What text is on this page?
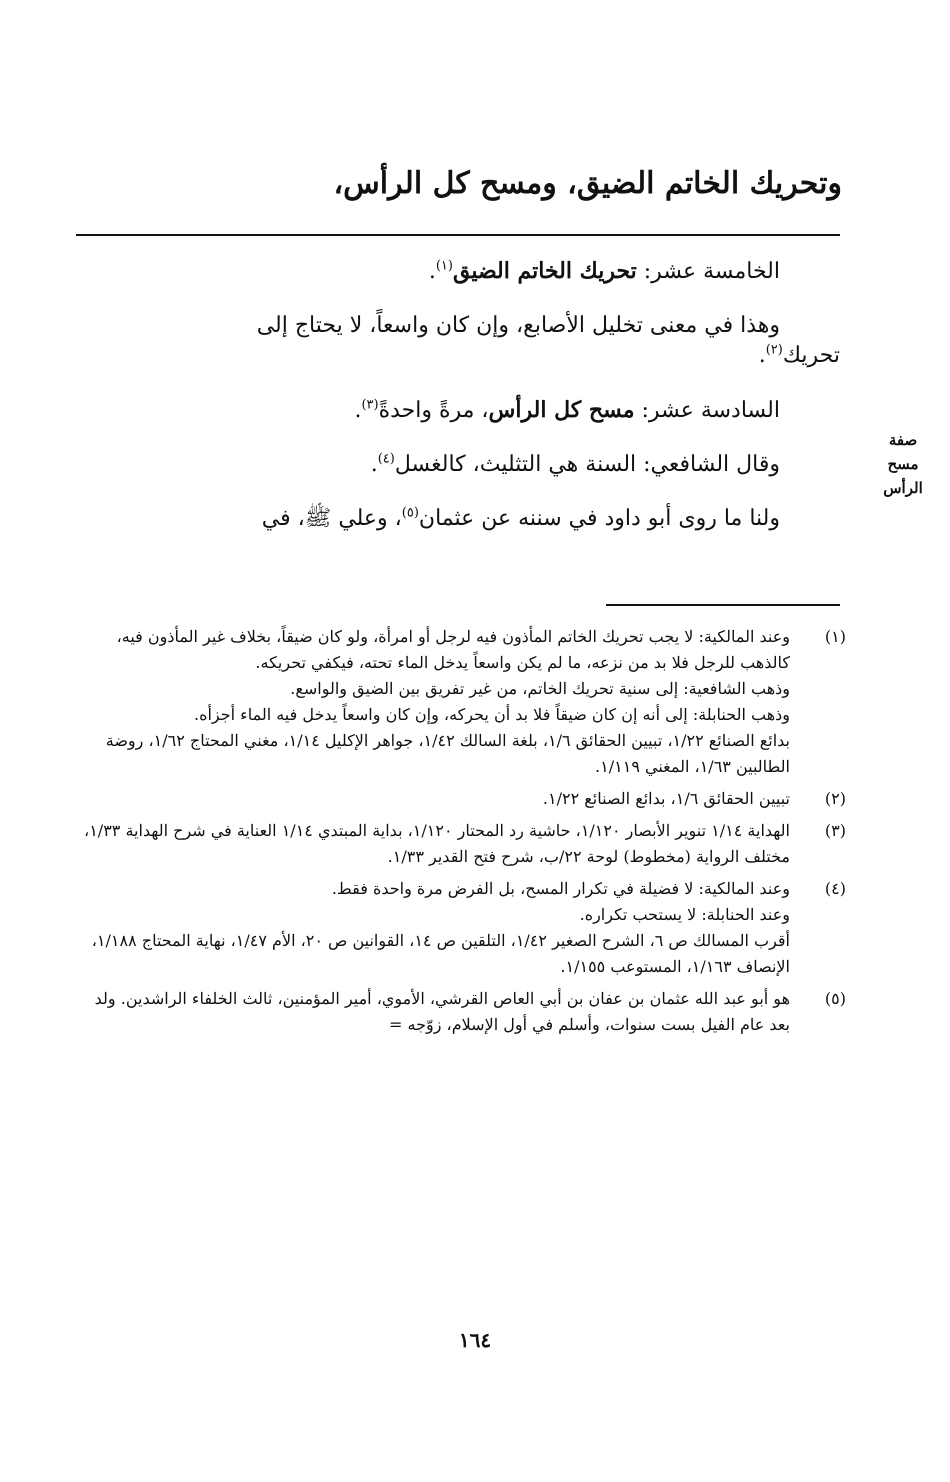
وتحريك الخاتم الضيق، ومسح كل الرأس،
صفة
مسح
الرأس

الخامسة عشر: تحريك الخاتم الضيق$^{(١)}$.

وهذا في معنى تخليل الأصابع، وإن كان واسعاً، لا يحتاج إلى

تحريك$^{(٢)}$.

السادسة عشر: مسح كل الرأس، مرةً واحدةً$^{(٣)}$.

وقال الشافعي: السنة هي التثليث، كالغسل$^{(٤)}$.

ولنا ما روى أبو داود في سننه عن عثمان$^{(٥)}$، وعلي ﷺ، في

(١)

وعند المالكية: لا يجب تحريك الخاتم المأذون فيه لرجل أو امرأة، ولو كان ضيقاً، بخلاف غير المأذون فيه، كالذهب للرجل فلا بد من نزعه، ما لم يكن واسعاً يدخل الماء تحته، فيكفي تحريكه.

وذهب الشافعية: إلى سنية تحريك الخاتم، من غير تفريق بين الضيق والواسع.

وذهب الحنابلة: إلى أنه إن كان ضيقاً فلا بد أن يحركه، وإن كان واسعاً يدخل فيه الماء أجزأه.

بدائع الصنائع ١/٢٢، تبيين الحقائق ١/٦، بلغة السالك ١/٤٢، جواهر الإكليل ١/١٤، مغني المحتاج ١/٦٢، روضة الطالبين ١/٦٣، المغني ١/١١٩.

(٢)

تبيين الحقائق ١/٦، بدائع الصنائع ١/٢٢.

(٣)

الهداية ١/١٤ تنوير الأبصار ١/١٢٠، حاشية رد المحتار ١/١٢٠، بداية المبتدي ١/١٤ العناية في شرح الهداية ١/٣٣، مختلف الرواية (مخطوط) لوحة ٢٢/ب، شرح فتح القدير ١/٣٣.

(٤)

وعند المالكية: لا فضيلة في تكرار المسح، بل الفرض مرة واحدة فقط.

وعند الحنابلة: لا يستحب تكراره.

أقرب المسالك ص ٦، الشرح الصغير ١/٤٢، التلقين ص ١٤، القوانين ص ٢٠، الأم ١/٤٧، نهاية المحتاج ١/١٨٨، الإنصاف ١/١٦٣، المستوعب ١/١٥٥.

(٥)

هو أبو عبد الله عثمان بن عفان بن أبي العاص القرشي، الأموي، أمير المؤمنين، ثالث الخلفاء الراشدين. ولد بعد عام الفيل بست سنوات، وأسلم في أول الإسلام، زوّجه =

١٦٤
